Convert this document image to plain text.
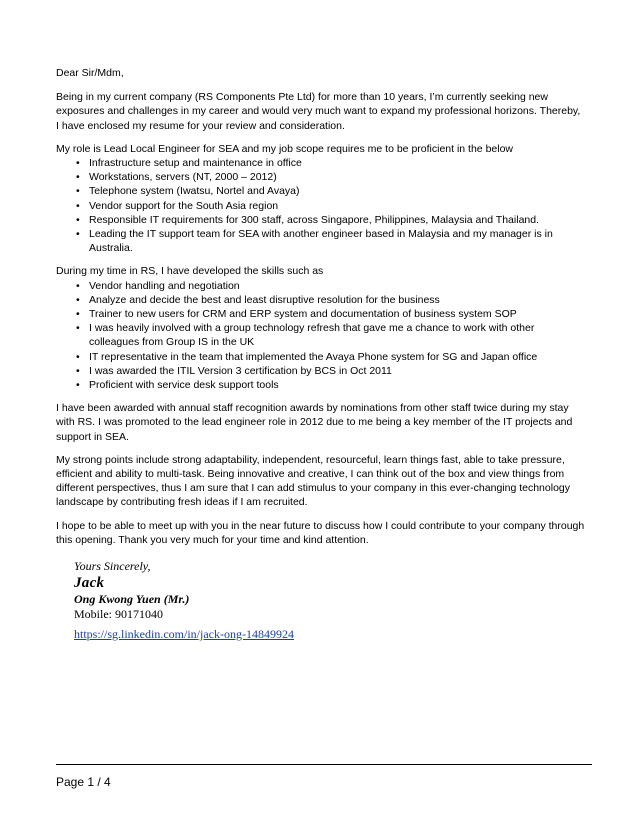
Dear Sir/Mdm,

Being in my current company (RS Components Pte Ltd) for more than 10 years, I’m currently seeking new exposures and challenges in my career and would very much want to expand my professional horizons. Thereby, I have enclosed my resume for your review and consideration.

My role is Lead Local Engineer for SEA and my job scope requires me to be proficient in the below

• Infrastructure setup and maintenance in office
• Workstations, servers (NT, 2000 – 2012)
• Telephone system (Iwatsu, Nortel and Avaya)
• Vendor support for the South Asia region
• Responsible IT requirements for 300 staff, across Singapore, Philippines, Malaysia and Thailand.
• Leading the IT support team for SEA with another engineer based in Malaysia and my manager is in Australia.

During my time in RS, I have developed the skills such as

• Vendor handling and negotiation
• Analyze and decide the best and least disruptive resolution for the business
• Trainer to new users for CRM and ERP system and documentation of business system SOP
• I was heavily involved with a group technology refresh that gave me a chance to work with other colleagues from Group IS in the UK
• IT representative in the team that implemented the Avaya Phone system for SG and Japan office
• I was awarded the ITIL Version 3 certification by BCS in Oct 2011
• Proficient with service desk support tools

I have been awarded with annual staff recognition awards by nominations from other staff twice during my stay with RS. I was promoted to the lead engineer role in 2012 due to me being a key member of the IT projects and support in SEA.

My strong points include strong adaptability, independent, resourceful, learn things fast, able to take pressure, efficient and ability to multi-task. Being innovative and creative, I can think out of the box and view things from different perspectives, thus I am sure that I can add stimulus to your company in this ever-changing technology landscape by contributing fresh ideas if I am recruited.

I hope to be able to meet up with you in the near future to discuss how I could contribute to your company through this opening. Thank you very much for your time and kind attention.

Yours Sincerely,
Jack
Ong Kwong Yuen (Mr.)
Mobile: 90171040
https://sg.linkedin.com/in/jack-ong-14849924
Page 1 / 4
